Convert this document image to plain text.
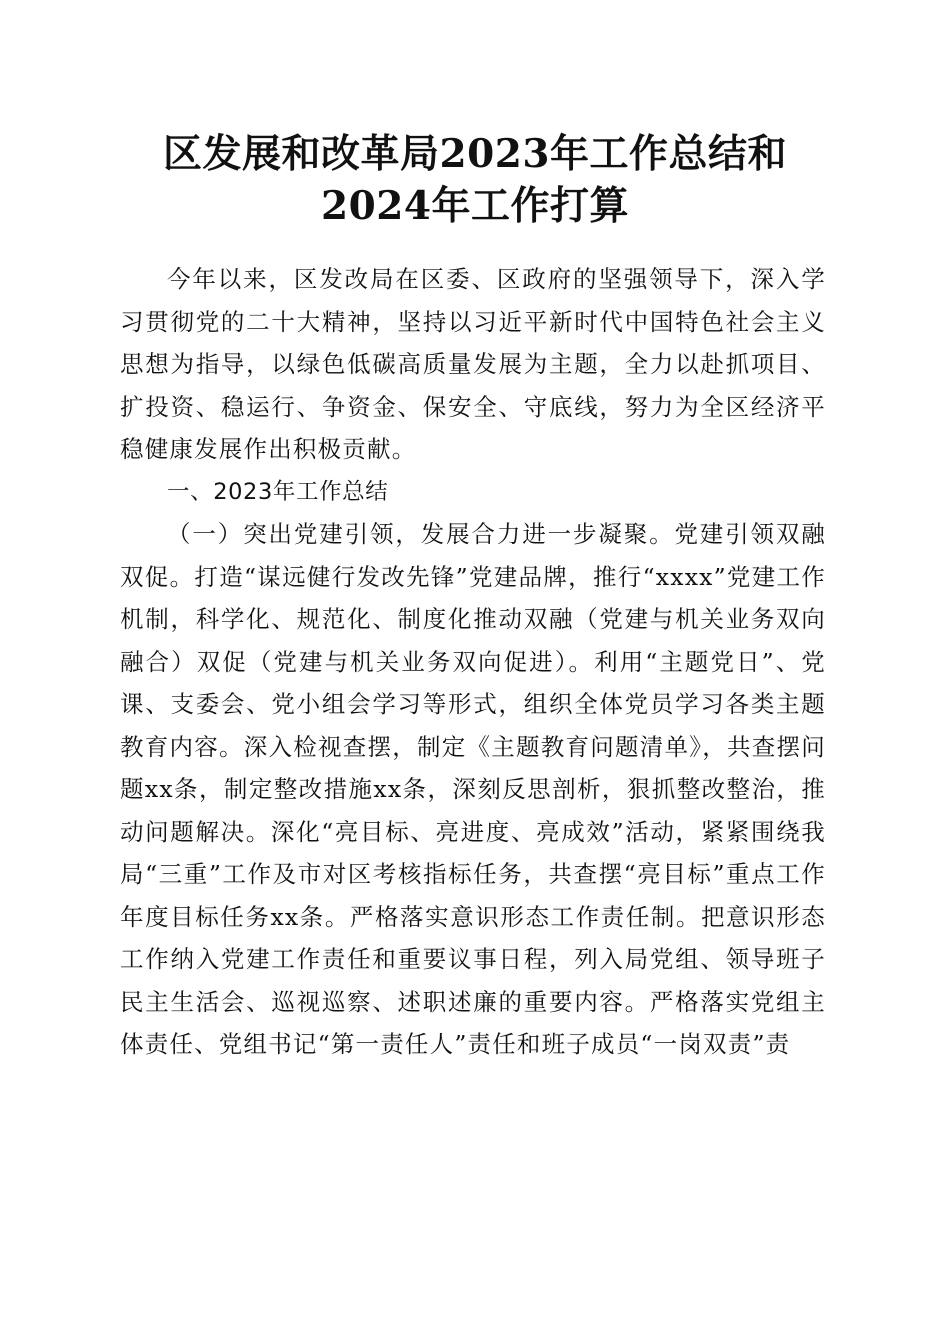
区发展和改革局2023年工作总结和2024年工作打算

今年以来，区发改局在区委、区政府的坚强领导下，深入学习贯彻党的二十大精神，坚持以习近平新时代中国特色社会主义思想为指导，以绿色低碳高质量发展为主题，全力以赴抓项目、扩投资、稳运行、争资金、保安全、守底线，努力为全区经济平稳健康发展作出积极贡献。

一、2023年工作总结

（一）突出党建引领，发展合力进一步凝聚。党建引领双融双促。打造“谋远健行发改先锋”党建品牌，推行“xxxx”党建工作机制，科学化、规范化、制度化推动双融（党建与机关业务双向融合）双促（党建与机关业务双向促进）。利用“主题党日”、党课、支委会、党小组会学习等形式，组织全体党员学习各类主题教育内容。深入检视查摆，制定《主题教育问题清单》，共查摆问题xx条，制定整改措施xx条，深刻反思剖析，狠抓整改整治，推动问题解决。深化“亮目标、亮进度、亮成效”活动，紧紧围绕我局“三重”工作及市对区考核指标任务，共查摆“亮目标”重点工作年度目标任务xx条。严格落实意识形态工作责任制。把意识形态工作纳入党建工作责任和重要议事日程，列入局党组、领导班子民主生活会、巡视巡察、述职述廉的重要内容。严格落实党组主体责任、党组书记“第一责任人”责任和班子成员“一岗双责”责
